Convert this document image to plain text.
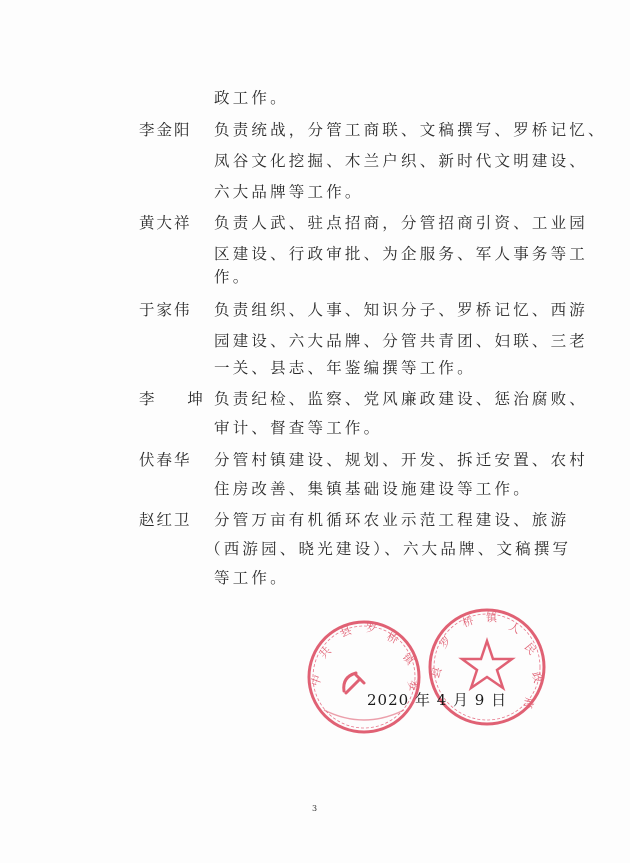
政工作。
李金阳 负责统战，分管工商联、文稿撰写、罗桥记忆、
凤谷文化挖掘、木兰户织、新时代文明建设、
六大品牌等工作。
黄大祥 负责人武、驻点招商，分管招商引资、工业园
区建设、行政审批、为企服务、军人事务等工
作。
于家伟 负责组织、人事、知识分子、罗桥记忆、西游
园建设、六大品牌、分管共青团、妇联、三老
一关、县志、年鉴编撰等工作。
李 坤
负责纪检、监察、党风廉政建设、惩治腐败、
审计、督查等工作。
伏春华 分管村镇建设、规划、开发、拆迁安置、农村
住房改善、集镇基础设施建设等工作。
赵红卫 分管万亩有机循环农业示范工程建设、旅游
（西游园、晓光建设）、六大品牌、文稿撰写
等工作。
中
共
县 罗
桥
镇
委
县
罗
桥 镇
人
民
政
府
2020 年 4 月 9 日
3
